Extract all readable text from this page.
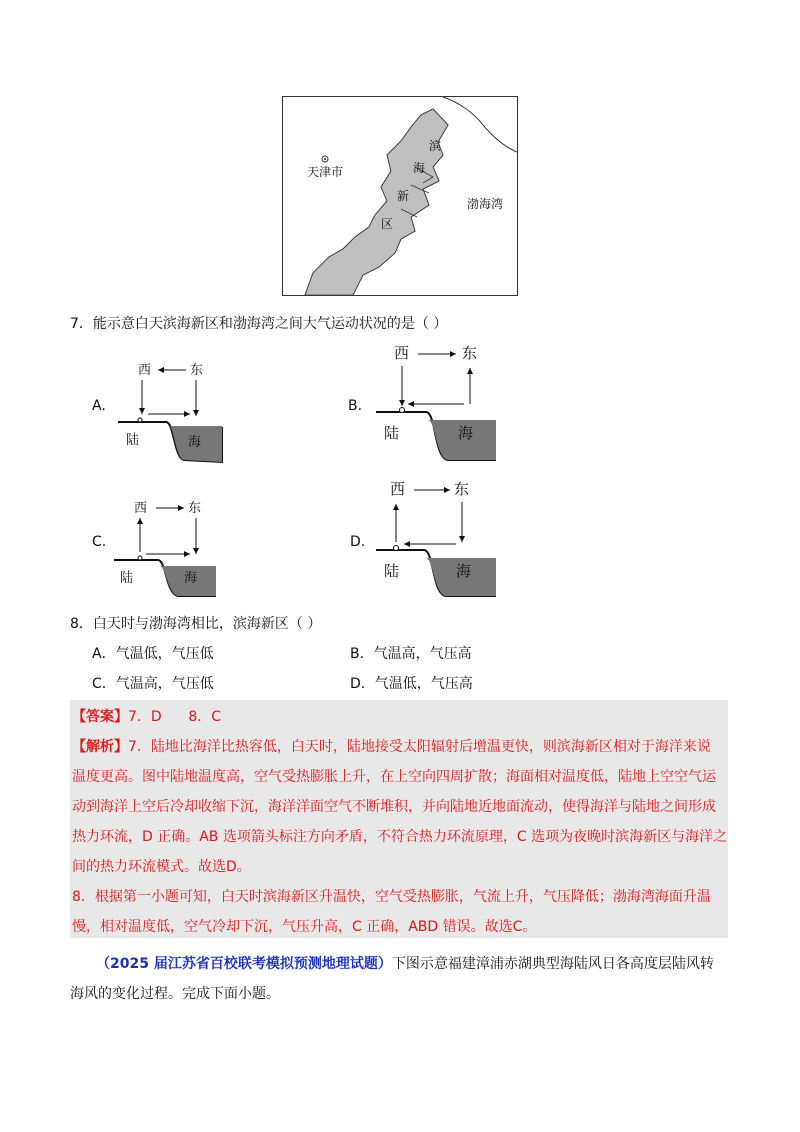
天津市
滨
海
新
区
渤海湾
7．能示意白天滨海新区和渤海湾之间大气运动状况的是（ ）
A.
西	东
陆	海
B.
西	东
陆	海
C.
西	东
陆	海
D.
西	东
陆	海
8．白天时与渤海湾相比，滨海新区（ ）
A．气温低，气压低	B．气温高，气压高
C．气温高，气压低	D．气温低，气压高
【答案】7．D      8．C
【解析】7．陆地比海洋比热容低，白天时，陆地接受太阳辐射后增温更快，则滨海新区相对于海洋来说
温度更高。图中陆地温度高，空气受热膨胀上升，在上空向四周扩散；海面相对温度低，陆地上空空气运
动到海洋上空后冷却收缩下沉，海洋洋面空气不断堆积，并向陆地近地面流动，使得海洋与陆地之间形成
热力环流，D 正确。AB 选项箭头标注方向矛盾，不符合热力环流原理，C 选项为夜晚时滨海新区与海洋之
间的热力环流模式。故选D。
8．根据第一小题可知，白天时滨海新区升温快，空气受热膨胀，气流上升，气压降低；渤海湾海面升温
慢，相对温度低，空气冷却下沉，气压升高，C 正确，ABD 错误。故选C。
（2025 届江苏省百校联考模拟预测地理试题）下图示意福建漳浦赤湖典型海陆风日各高度层陆风转
海风的变化过程。完成下面小题。
